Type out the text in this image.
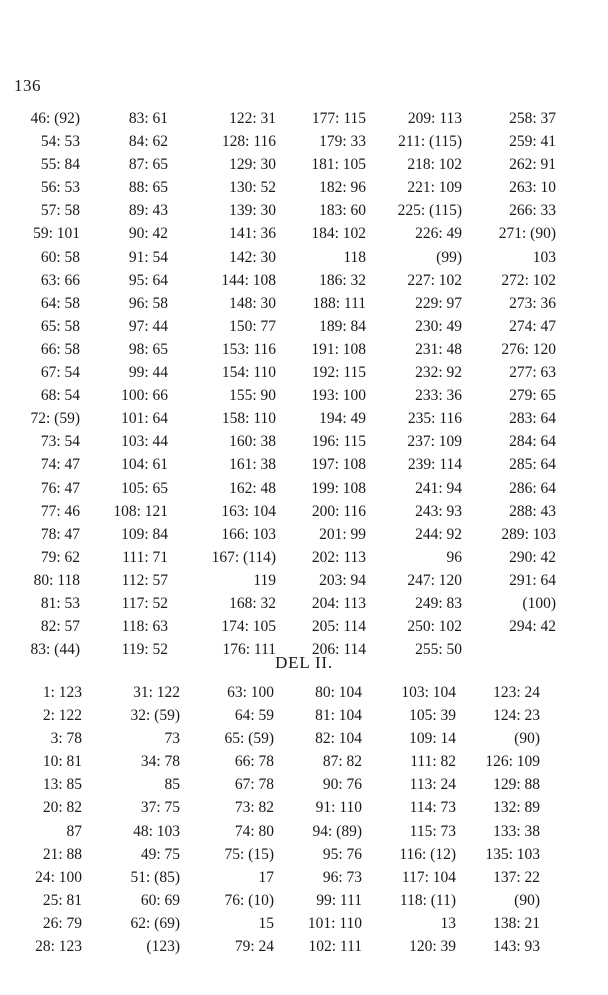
136
46: (92)
54: 53
55: 84
56: 53
57: 58
59: 101
60: 58
63: 66
64: 58
65: 58
66: 58
67: 54
68: 54
72: (59)
73: 54
74: 47
76: 47
77: 46
78: 47
79: 62
80: 118
81: 53
82: 57
83: (44)
83: 61
84: 62
87: 65
88: 65
89: 43
90: 42
91: 54
95: 64
96: 58
97: 44
98: 65
99: 44
100: 66
101: 64
103: 44
104: 61
105: 65
108: 121
109: 84
111: 71
112: 57
117: 52
118: 63
119: 52
122: 31
128: 116
129: 30
130: 52
139: 30
141: 36
142: 30
144: 108
148: 30
150: 77
153: 116
154: 110
155: 90
158: 110
160: 38
161: 38
162: 48
163: 104
166: 103
167: (114)
119
168: 32
174: 105
176: 111
177: 115
179: 33
181: 105
182: 96
183: 60
184: 102
118
186: 32
188: 111
189: 84
191: 108
192: 115
193: 100
194: 49
196: 115
197: 108
199: 108
200: 116
201: 99
202: 113
203: 94
204: 113
205: 114
206: 114
209: 113
211: (115)
218: 102
221: 109
225: (115)
226: 49
(99)
227: 102
229: 97
230: 49
231: 48
232: 92
233: 36
235: 116
237: 109
239: 114
241: 94
243: 93
244: 92
96
247: 120
249: 83
250: 102
255: 50
258: 37
259: 41
262: 91
263: 10
266: 33
271: (90)
103
272: 102
273: 36
274: 47
276: 120
277: 63
279: 65
283: 64
284: 64
285: 64
286: 64
288: 43
289: 103
290: 42
291: 64
(100)
294: 42
DEL II.
1: 123
2: 122
3: 78
10: 81
13: 85
20: 82
87
21: 88
24: 100
25: 81
26: 79
28: 123
31: 122
32: (59)
73
34: 78
85
37: 75
48: 103
49: 75
51: (85)
60: 69
62: (69)
(123)
63: 100
64: 59
65: (59)
66: 78
67: 78
73: 82
74: 80
75: (15)
17
76: (10)
15
79: 24
80: 104
81: 104
82: 104
87: 82
90: 76
91: 110
94: (89)
95: 76
96: 73
99: 111
101: 110
102: 111
103: 104
105: 39
109: 14
111: 82
113: 24
114: 73
115: 73
116: (12)
117: 104
118: (11)
13
120: 39
123: 24
124: 23
(90)
126: 109
129: 88
132: 89
133: 38
135: 103
137: 22
(90)
138: 21
143: 93
